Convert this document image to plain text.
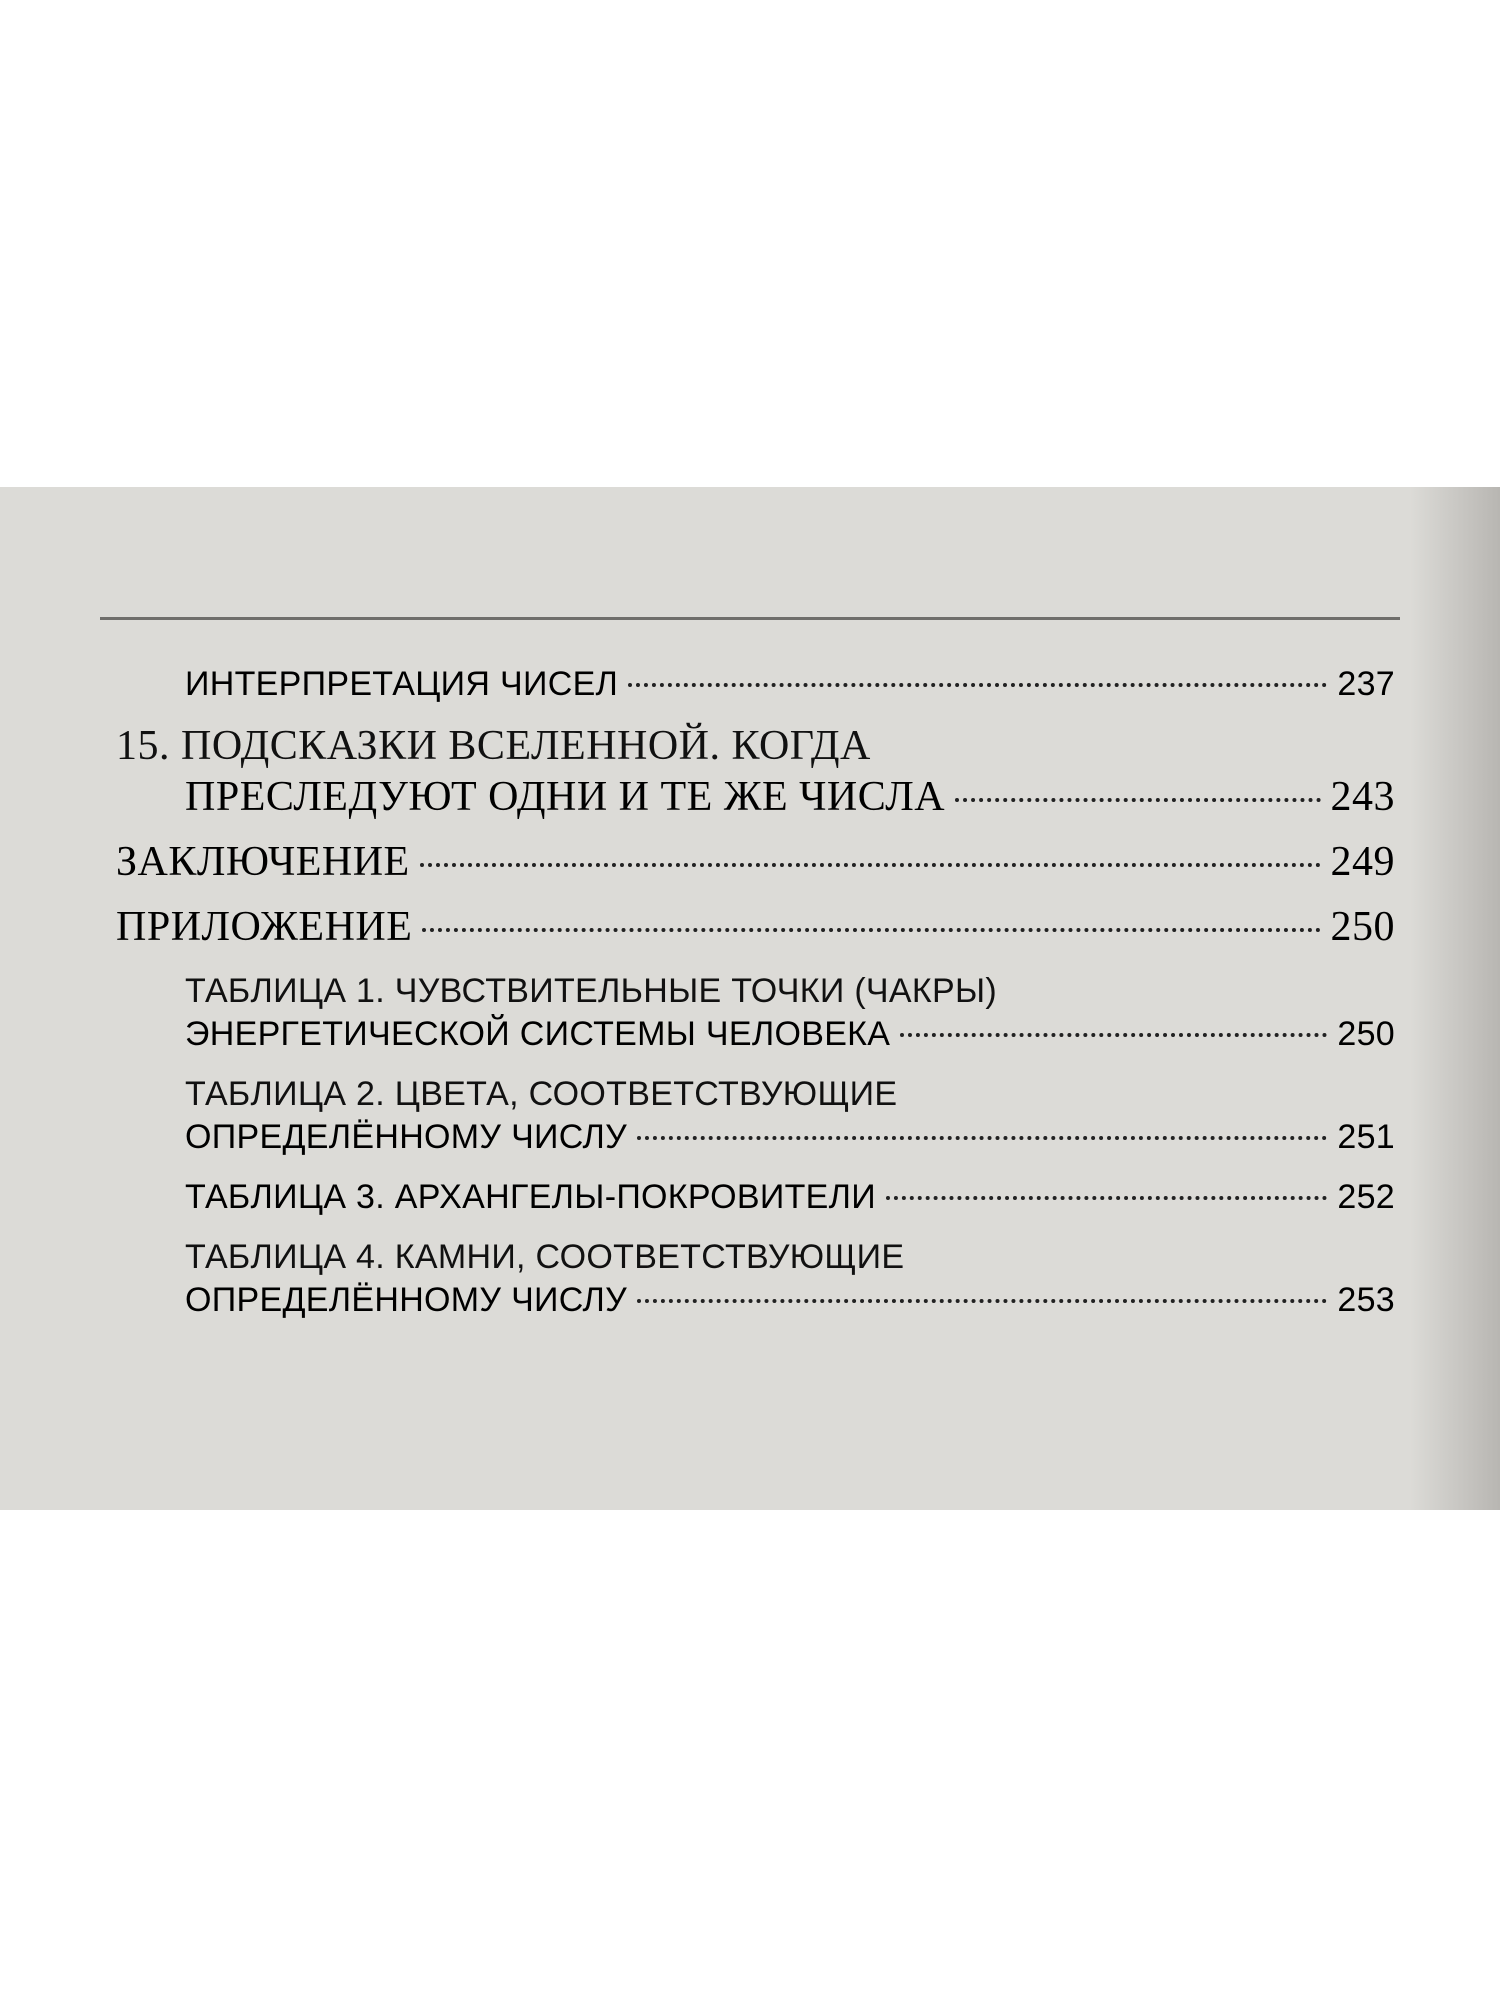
ИНТЕРПРЕТАЦИЯ ЧИСЕЛ	237
15. ПОДСКАЗКИ ВСЕЛЕННОЙ. КОГДА
ПРЕСЛЕДУЮТ ОДНИ И ТЕ ЖЕ ЧИСЛА	243
ЗАКЛЮЧЕНИЕ	249
ПРИЛОЖЕНИЕ	250
ТАБЛИЦА 1. ЧУВСТВИТЕЛЬНЫЕ ТОЧКИ (ЧАКРЫ)
ЭНЕРГЕТИЧЕСКОЙ СИСТЕМЫ ЧЕЛОВЕКА	250
ТАБЛИЦА 2. ЦВЕТА, СООТВЕТСТВУЮЩИЕ
ОПРЕДЕЛЁННОМУ ЧИСЛУ	251
ТАБЛИЦА 3. АРХАНГЕЛЫ-ПОКРОВИТЕЛИ	252
ТАБЛИЦА 4. КАМНИ, СООТВЕТСТВУЮЩИЕ
ОПРЕДЕЛЁННОМУ ЧИСЛУ	253
